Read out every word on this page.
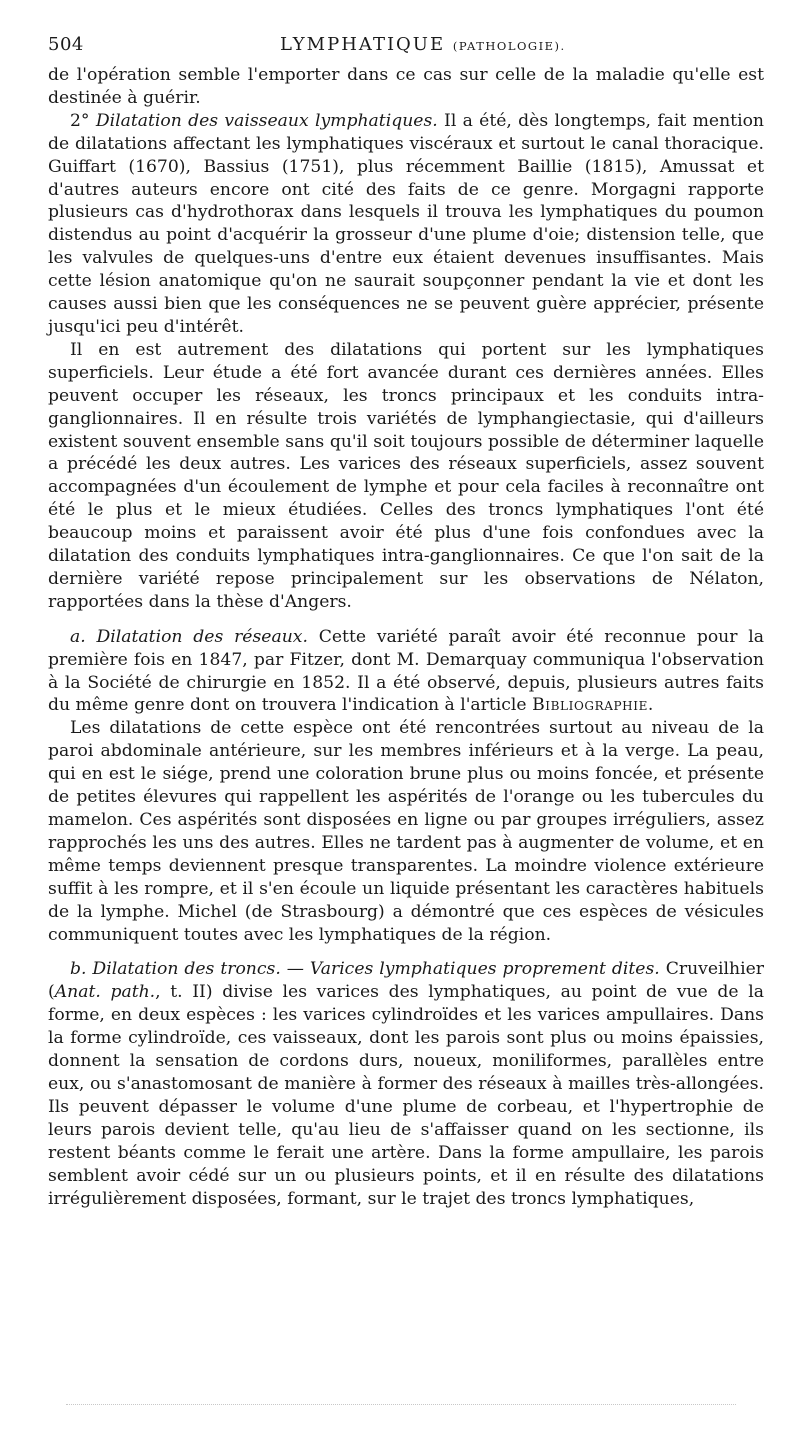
504	LYMPHATIQUE (PATHOLOGIE).

de l'opération semble l'emporter dans ce cas sur celle de la maladie qu'elle est destinée à guérir.

2° Dilatation des vaisseaux lymphatiques. Il a été, dès longtemps, fait mention de dilatations affectant les lymphatiques viscéraux et surtout le canal thoracique. Guiffart (1670), Bassius (1751), plus récemment Baillie (1815), Amussat et d'autres auteurs encore ont cité des faits de ce genre. Morgagni rapporte plusieurs cas d'hydrothorax dans lesquels il trouva les lymphatiques du poumon distendus au point d'acquérir la grosseur d'une plume d'oie; distension telle, que les valvules de quelques-uns d'entre eux étaient devenues insuffisantes. Mais cette lésion anatomique qu'on ne saurait soupçonner pendant la vie et dont les causes aussi bien que les conséquences ne se peuvent guère apprécier, présente jusqu'ici peu d'intérêt.

Il en est autrement des dilatations qui portent sur les lymphatiques superficiels. Leur étude a été fort avancée durant ces dernières années. Elles peuvent occuper les réseaux, les troncs principaux et les conduits intra-ganglionnaires. Il en résulte trois variétés de lymphangiectasie, qui d'ailleurs existent souvent ensemble sans qu'il soit toujours possible de déterminer laquelle a précédé les deux autres. Les varices des réseaux superficiels, assez souvent accompagnées d'un écoulement de lymphe et pour cela faciles à reconnaître ont été le plus et le mieux étudiées. Celles des troncs lymphatiques l'ont été beaucoup moins et paraissent avoir été plus d'une fois confondues avec la dilatation des conduits lymphatiques intra-ganglionnaires. Ce que l'on sait de la dernière variété repose principalement sur les observations de Nélaton, rapportées dans la thèse d'Angers.

a. Dilatation des réseaux. Cette variété paraît avoir été reconnue pour la première fois en 1847, par Fitzer, dont M. Demarquay communiqua l'observation à la Société de chirurgie en 1852. Il a été observé, depuis, plusieurs autres faits du même genre dont on trouvera l'indication à l'article Bibliographie.

Les dilatations de cette espèce ont été rencontrées surtout au niveau de la paroi abdominale antérieure, sur les membres inférieurs et à la verge. La peau, qui en est le siége, prend une coloration brune plus ou moins foncée, et présente de petites élevures qui rappellent les aspérités de l'orange ou les tubercules du mamelon. Ces aspérités sont disposées en ligne ou par groupes irréguliers, assez rapprochés les uns des autres. Elles ne tardent pas à augmenter de volume, et en même temps deviennent presque transparentes. La moindre violence extérieure suffit à les rompre, et il s'en écoule un liquide présentant les caractères habituels de la lymphe. Michel (de Strasbourg) a démontré que ces espèces de vésicules communiquent toutes avec les lymphatiques de la région.

b. Dilatation des troncs. — Varices lymphatiques proprement dites. Cruveilhier (Anat. path., t. II) divise les varices des lymphatiques, au point de vue de la forme, en deux espèces : les varices cylindroïdes et les varices ampullaires. Dans la forme cylindroïde, ces vaisseaux, dont les parois sont plus ou moins épaissies, donnent la sensation de cordons durs, noueux, moniliformes, parallèles entre eux, ou s'anastomosant de manière à former des réseaux à mailles très-allongées. Ils peuvent dépasser le volume d'une plume de corbeau, et l'hypertrophie de leurs parois devient telle, qu'au lieu de s'affaisser quand on les sectionne, ils restent béants comme le ferait une artère. Dans la forme ampullaire, les parois semblent avoir cédé sur un ou plusieurs points, et il en résulte des dilatations irrégulièrement disposées, formant, sur le trajet des troncs lymphatiques,
